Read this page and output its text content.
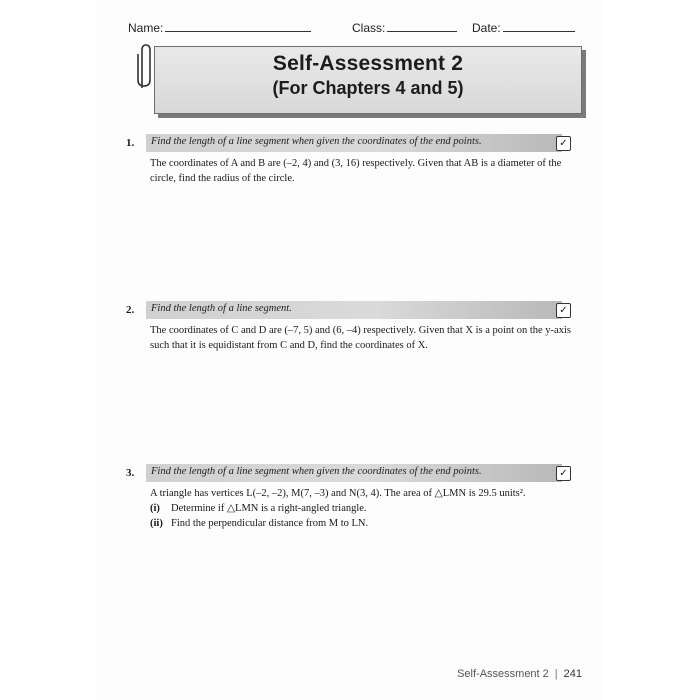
Name:	Class:	Date:
Self-Assessment 2
(For Chapters 4 and 5)
1. Find the length of a line segment when given the coordinates of the end points.	✓

The coordinates of A and B are (–2, 4) and (3, 16) respectively. Given that AB is a diameter of the circle, find the radius of the circle.

2. Find the length of a line segment.	✓

The coordinates of C and D are (–7, 5) and (6, –4) respectively. Given that X is a point on the y-axis such that it is equidistant from C and D, find the coordinates of X.

3. Find the length of a line segment when given the coordinates of the end points.	✓

A triangle has vertices L(–2, –2), M(7, –3) and N(3, 4). The area of △LMN is 29.5 units².

(i) Determine if △LMN is a right-angled triangle.

(ii) Find the perpendicular distance from M to LN.

Self-Assessment 2 | 241
